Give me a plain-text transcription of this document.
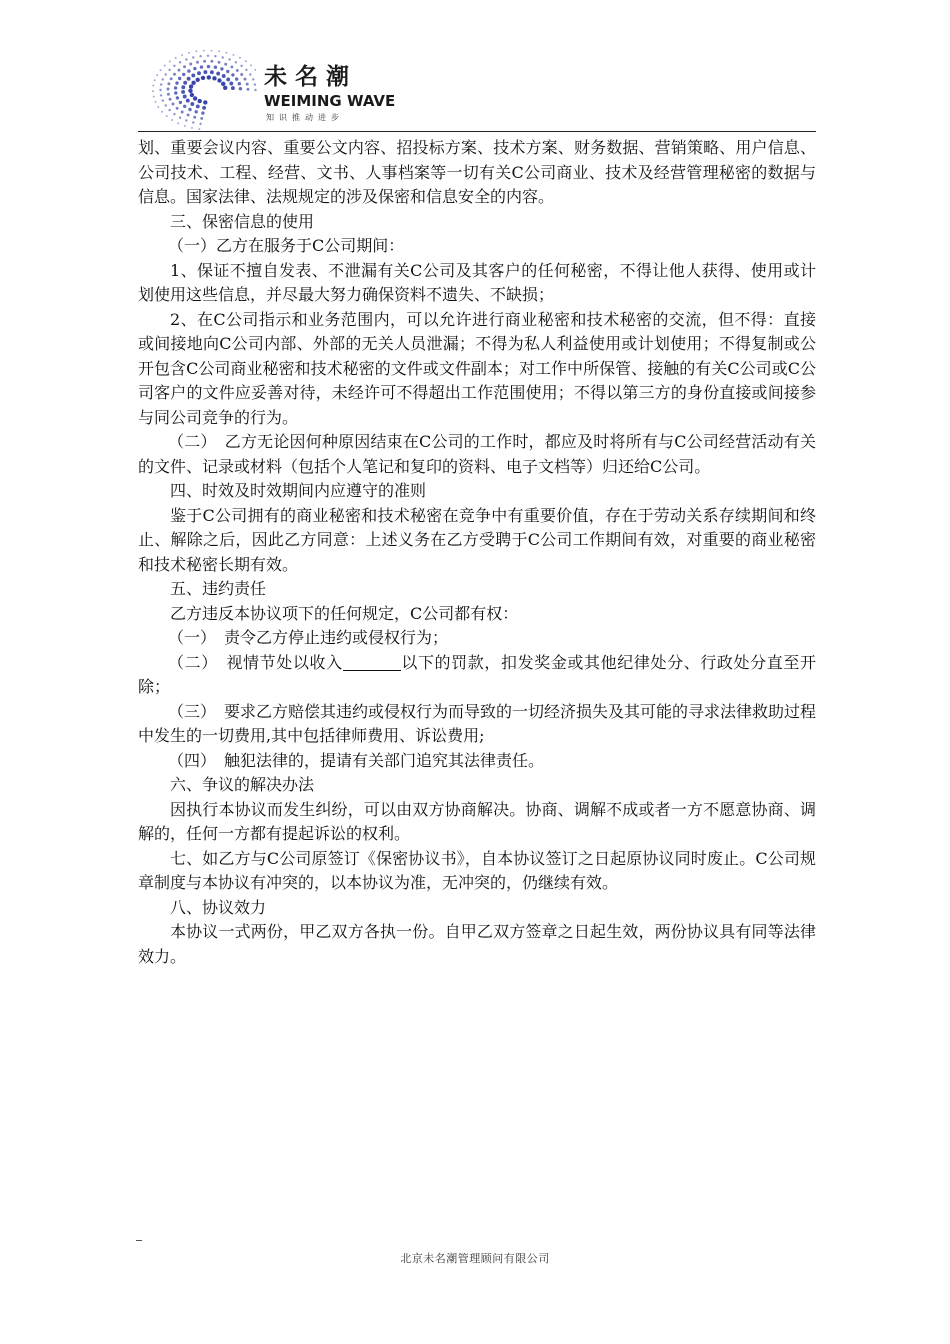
未名潮
WEIMING WAVE
知识推动进步

划、重要会议内容、重要公文内容、招投标方案、技术方案、财务数据、营销策略、用户信息、公司技术、工程、经营、文书、人事档案等一切有关C公司商业、技术及经营管理秘密的数据与信息。国家法律、法规规定的涉及保密和信息安全的内容。

三、保密信息的使用

（一）乙方在服务于C公司期间：

1、保证不擅自发表、不泄漏有关C公司及其客户的任何秘密，不得让他人获得、使用或计划使用这些信息，并尽最大努力确保资料不遗失、不缺损；

2、在C公司指示和业务范围内，可以允许进行商业秘密和技术秘密的交流，但不得：直接或间接地向C公司内部、外部的无关人员泄漏；不得为私人利益使用或计划使用；不得复制或公开包含C公司商业秘密和技术秘密的文件或文件副本；对工作中所保管、接触的有关C公司或C公司客户的文件应妥善对待，未经许可不得超出工作范围使用；不得以第三方的身份直接或间接参与同公司竞争的行为。

（二）　乙方无论因何种原因结束在C公司的工作时，都应及时将所有与C公司经营活动有关的文件、记录或材料（包括个人笔记和复印的资料、电子文档等）归还给C公司。

四、时效及时效期间内应遵守的准则

鉴于C公司拥有的商业秘密和技术秘密在竞争中有重要价值，存在于劳动关系存续期间和终止、解除之后，因此乙方同意：上述义务在乙方受聘于C公司工作期间有效，对重要的商业秘密和技术秘密长期有效。

五、违约责任

乙方违反本协议项下的任何规定，C公司都有权：

（一）　责令乙方停止违约或侵权行为；

（二）　视情节处以收入	以下的罚款，扣发奖金或其他纪律处分、行政处分直至开除；

（三）　要求乙方赔偿其违约或侵权行为而导致的一切经济损失及其可能的寻求法律救助过程中发生的一切费用,其中包括律师费用、诉讼费用;

（四）　触犯法律的，提请有关部门追究其法律责任。

六、争议的解决办法

因执行本协议而发生纠纷，可以由双方协商解决。协商、调解不成或者一方不愿意协商、调解的，任何一方都有提起诉讼的权利。

七、如乙方与C公司原签订《保密协议书》，自本协议签订之日起原协议同时废止。C公司规章制度与本协议有冲突的，以本协议为准，无冲突的，仍继续有效。

八、协议效力

本协议一式两份，甲乙双方各执一份。自甲乙双方签章之日起生效，两份协议具有同等法律效力。

北京未名潮管理顾问有限公司
